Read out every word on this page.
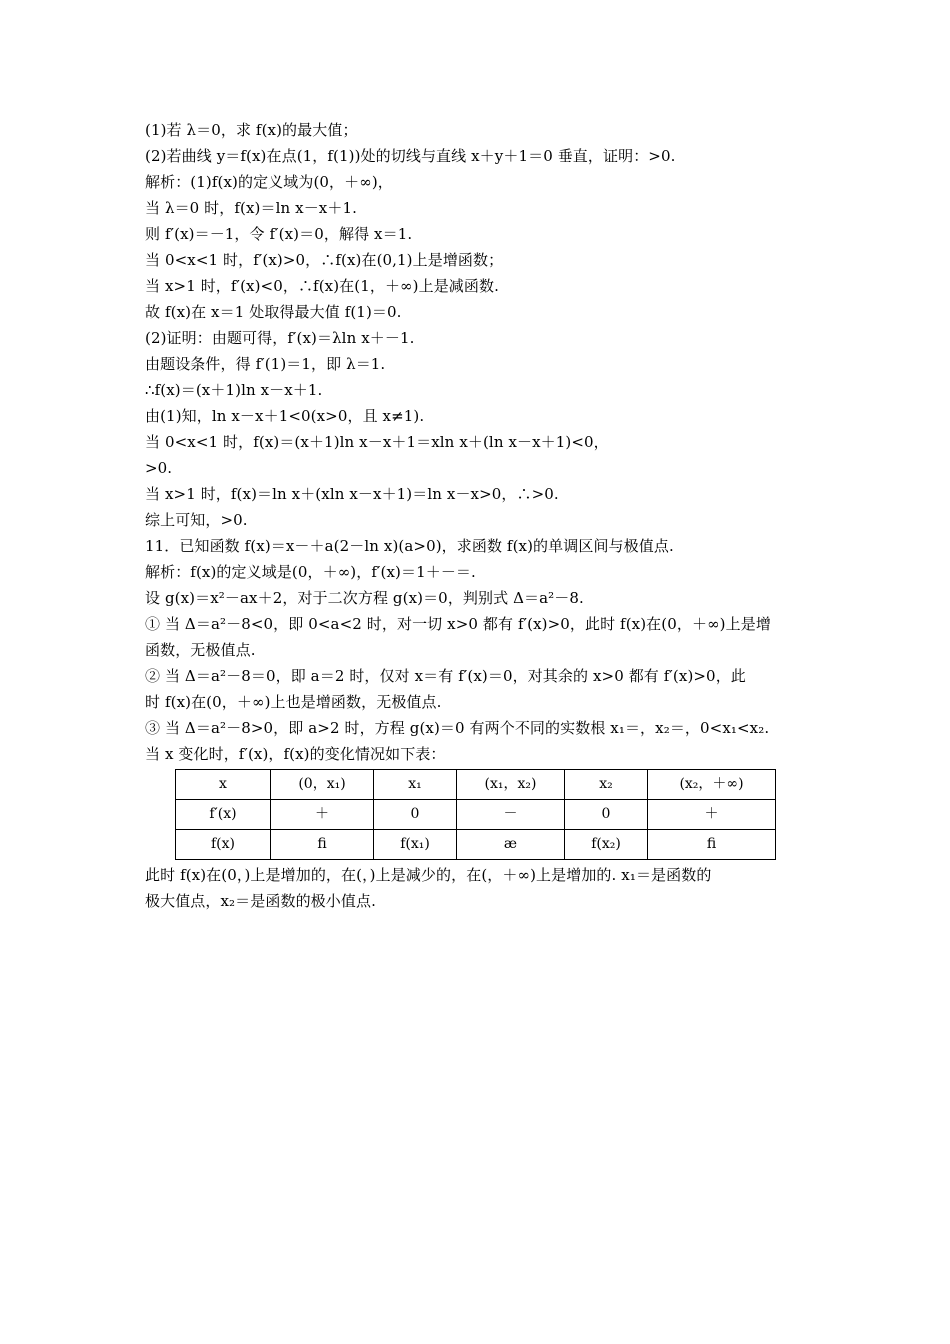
(1)若 λ＝0，求 f(x)的最大值；
(2)若曲线 y＝f(x)在点(1，f(1))处的切线与直线 x＋y＋1＝0 垂直，证明：>0.
解析：(1)f(x)的定义域为(0，＋∞)，
当 λ＝0 时，f(x)＝ln x－x＋1.
则 f′(x)＝－1，令 f′(x)＝0，解得 x＝1.
当 0<x<1 时，f′(x)>0，∴f(x)在(0,1)上是增函数；
当 x>1 时，f′(x)<0，∴f(x)在(1，＋∞)上是减函数.
故 f(x)在 x＝1 处取得最大值 f(1)＝0.
(2)证明：由题可得，f′(x)＝λln x＋－1.
由题设条件，得 f′(1)＝1，即 λ＝1.
∴f(x)＝(x＋1)ln x－x＋1.
由(1)知，ln x－x＋1<0(x>0，且 x≠1).
当 0<x<1 时，f(x)＝(x＋1)ln x－x＋1＝xln x＋(ln x－x＋1)<0，
>0.
当 x>1 时，f(x)＝ln x＋(xln x－x＋1)＝ln x－x>0，∴>0.
综上可知，>0.
11．已知函数 f(x)＝x－＋a(2－ln x)(a>0)，求函数 f(x)的单调区间与极值点.
解析：f(x)的定义域是(0，＋∞)，f′(x)＝1＋－＝.
设 g(x)＝x²－ax＋2，对于二次方程 g(x)＝0，判别式 Δ＝a²－8.
① 当 Δ＝a²－8<0，即 0<a<2 时，对一切 x>0 都有 f′(x)>0，此时 f(x)在(0，＋∞)上是增
函数，无极值点.
② 当 Δ＝a²－8＝0，即 a＝2 时，仅对 x＝有 f′(x)＝0，对其余的 x>0 都有 f′(x)>0，此
时 f(x)在(0，＋∞)上也是增函数，无极值点.
③ 当 Δ＝a²－8>0，即 a>2 时，方程 g(x)＝0 有两个不同的实数根 x₁＝，x₂＝，0<x₁<x₂.
当 x 变化时，f′(x)，f(x)的变化情况如下表：
x	(0，x₁)	x₁	(x₁，x₂)	x₂	(x₂，＋∞)
f′(x)	＋	0	－	0	＋
f(x)	ﬁ	f(x₁)	æ	f(x₂)	ﬁ
此时 f(x)在(0，)上是增加的，在(，)上是减少的，在(，＋∞)上是增加的. x₁＝是函数的
极大值点，x₂＝是函数的极小值点.
